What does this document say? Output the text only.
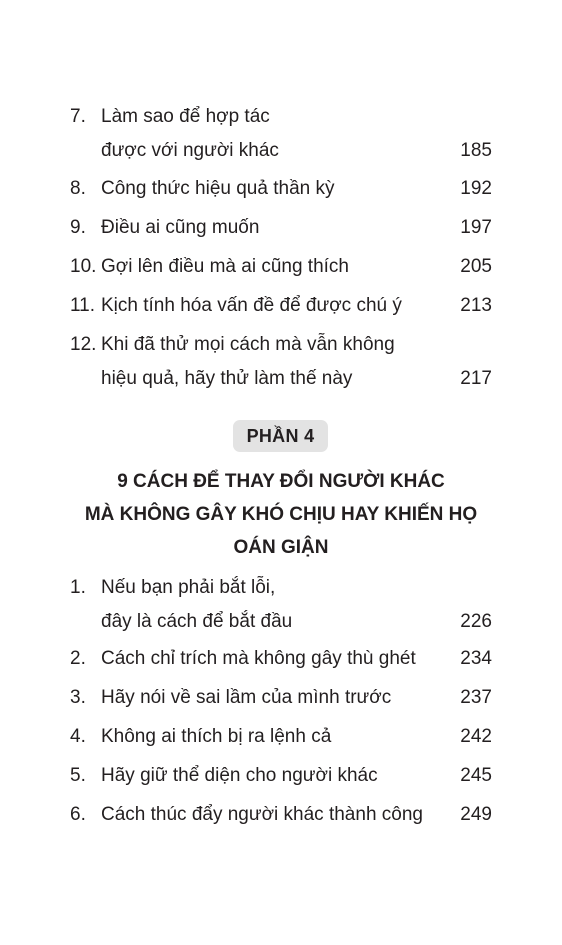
7. Làm sao để hợp tác
được với người khác	185
8. Công thức hiệu quả thần kỳ	192
9. Điều ai cũng muốn	197
10. Gợi lên điều mà ai cũng thích	205
11. Kịch tính hóa vấn đề để được chú ý	213
12. Khi đã thử mọi cách mà vẫn không
hiệu quả, hãy thử làm thế này	217
PHẦN 4
9 CÁCH ĐỂ THAY ĐỔI NGƯỜI KHÁC
MÀ KHÔNG GÂY KHÓ CHỊU HAY KHIẾN HỌ
OÁN GIẬN
1. Nếu bạn phải bắt lỗi,
đây là cách để bắt đầu	226
2. Cách chỉ trích mà không gây thù ghét	234
3. Hãy nói về sai lầm của mình trước	237
4. Không ai thích bị ra lệnh cả	242
5. Hãy giữ thể diện cho người khác	245
6. Cách thúc đẩy người khác thành công	249
